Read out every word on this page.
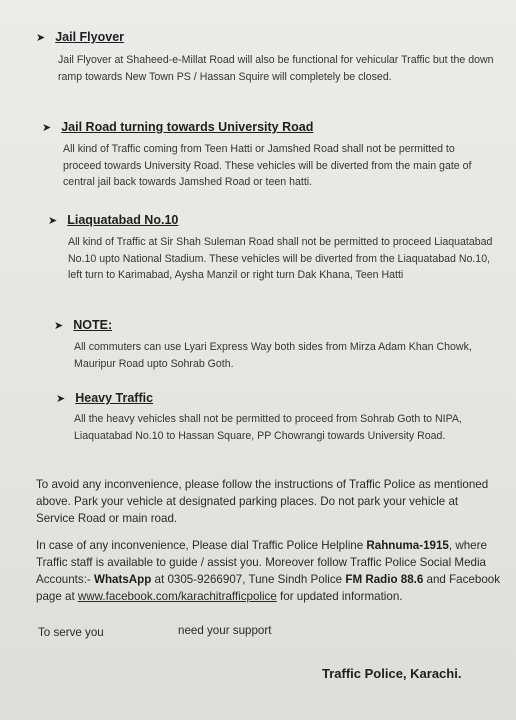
➤ Jail Flyover
Jail Flyover at Shaheed-e-Millat Road will also be functional for vehicular Traffic but the down ramp towards New Town PS / Hassan Squire will completely be closed.
➤ Jail Road turning towards University Road
All kind of Traffic coming from Teen Hatti or Jamshed Road shall not be permitted to proceed towards University Road. These vehicles will be diverted from the main gate of central jail back towards Jamshed Road or teen hatti.
➤ Liaquatabad No.10
All kind of Traffic at Sir Shah Suleman Road shall not be permitted to proceed Liaquatabad No.10 upto National Stadium. These vehicles will be diverted from the Liaquatabad No.10, left turn to Karimabad, Aysha Manzil or right turn Dak Khana, Teen Hatti
➤ NOTE:
All commuters can use Lyari Express Way both sides from Mirza Adam Khan Chowk, Mauripur Road upto Sohrab Goth.
➤ Heavy Traffic
All the heavy vehicles shall not be permitted to proceed from Sohrab Goth to NIPA, Liaquatabad No.10 to Hassan Square, PP Chowrangi towards University Road.
To avoid any inconvenience, please follow the instructions of Traffic Police as mentioned above. Park your vehicle at designated parking places. Do not park your vehicle at Service Road or main road.
In case of any inconvenience, Please dial Traffic Police Helpline Rahnuma-1915, where Traffic staff is available to guide / assist you. Moreover follow Traffic Police Social Media Accounts:- WhatsApp at 0305-9266907, Tune Sindh Police FM Radio 88.6 and Facebook page at www.facebook.com/karachitrafficpolice for updated information.
To serve you	need your support
Traffic Police, Karachi.
